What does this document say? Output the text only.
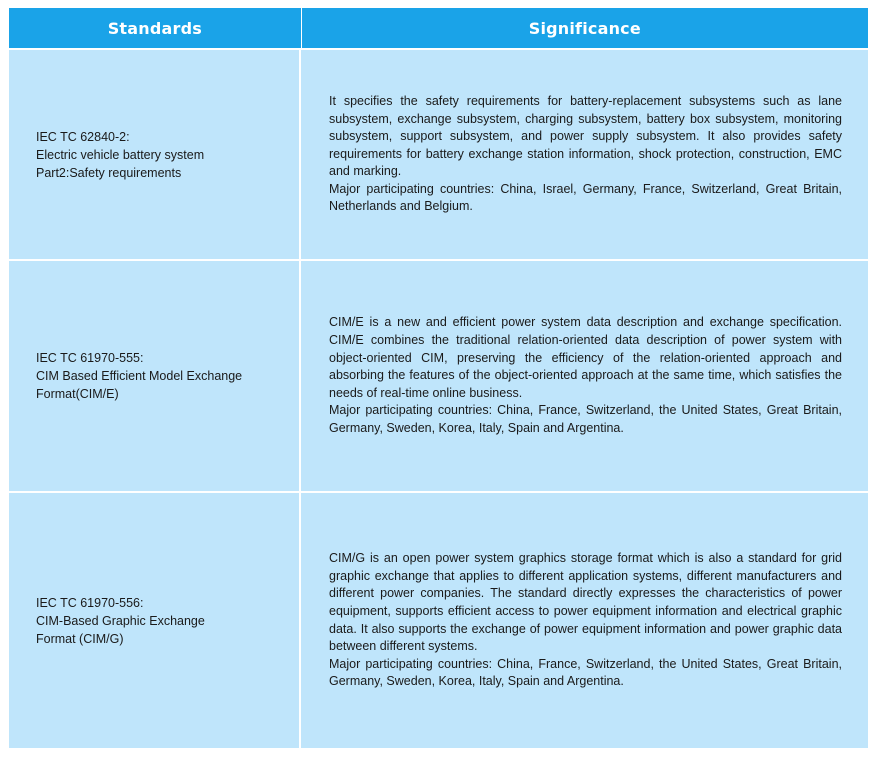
Standards	Significance
IEC TC 62840-2:
Electric vehicle battery system
Part2:Safety requirements
It specifies the safety requirements for battery-replacement subsystems such as lane subsystem, exchange subsystem, charging subsystem, battery box subsystem, monitoring subsystem, support subsystem, and power supply subsystem. It also provides safety requirements for battery exchange station information, shock protection, construction, EMC and marking.
Major participating countries: China, Israel, Germany, France, Switzerland, Great Britain, Netherlands and Belgium.
IEC TC 61970-555:
CIM Based Efficient Model Exchange
Format(CIM/E)
CIM/E is a new and efficient power system data description and exchange specification. CIM/E combines the traditional relation-oriented data description of power system with object-oriented CIM, preserving the efficiency of the relation-oriented approach and absorbing the features of the object-oriented approach at the same time, which satisfies the needs of real-time online business.
Major participating countries: China, France, Switzerland, the United States, Great Britain, Germany, Sweden, Korea, Italy, Spain and Argentina.
IEC TC 61970-556:
CIM-Based Graphic Exchange
Format (CIM/G)
CIM/G is an open power system graphics storage format which is also a standard for grid graphic exchange that applies to different application systems, different manufacturers and different power companies. The standard directly expresses the characteristics of power equipment, supports efficient access to power equipment information and electrical graphic data. It also supports the exchange of power equipment information and power graphic data between different systems.
Major participating countries: China, France, Switzerland, the United States, Great Britain, Germany, Sweden, Korea, Italy, Spain and Argentina.
